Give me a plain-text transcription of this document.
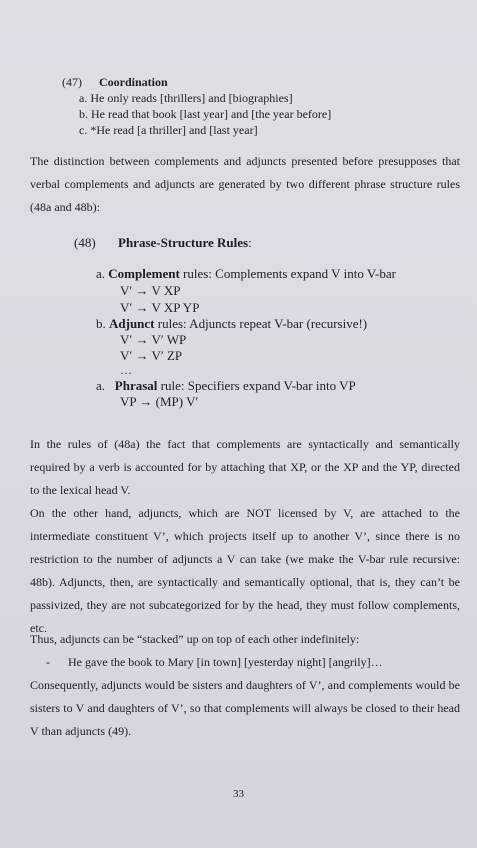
(47)	Coordination
a. He only reads [thrillers] and [biographies]
b. He read that book [last year] and [the year before]
c. *He read [a thriller] and [last year]
The distinction between complements and adjuncts presented before presupposes that verbal complements and adjuncts are generated by two different phrase structure rules (48a and 48b):
(48) Phrase-Structure Rules:
a. Complement rules: Complements expand V into V-bar
V′ → V XP
V′ → V XP YP
b. Adjunct rules: Adjuncts repeat V-bar (recursive!)
V′ → V′ WP
V′ → V′ ZP
…
a. Phrasal rule: Specifiers expand V-bar into VP
VP → (MP) V′
In the rules of (48a) the fact that complements are syntactically and semantically required by a verb is accounted for by attaching that XP, or the XP and the YP, directed to the lexical head V.
On the other hand, adjuncts, which are NOT licensed by V, are attached to the intermediate constituent V’, which projects itself up to another V’, since there is no restriction to the number of adjuncts a V can take (we make the V-bar rule recursive: 48b). Adjuncts, then, are syntactically and semantically optional, that is, they can’t be passivized, they are not subcategorized for by the head, they must follow complements, etc.
Thus, adjuncts can be “stacked” up on top of each other indefinitely:
-	He gave the book to Mary [in town] [yesterday night] [angrily]…
Consequently, adjuncts would be sisters and daughters of V’, and complements would be sisters to V and daughters of V’, so that complements will always be closed to their head V than adjuncts (49).
33
